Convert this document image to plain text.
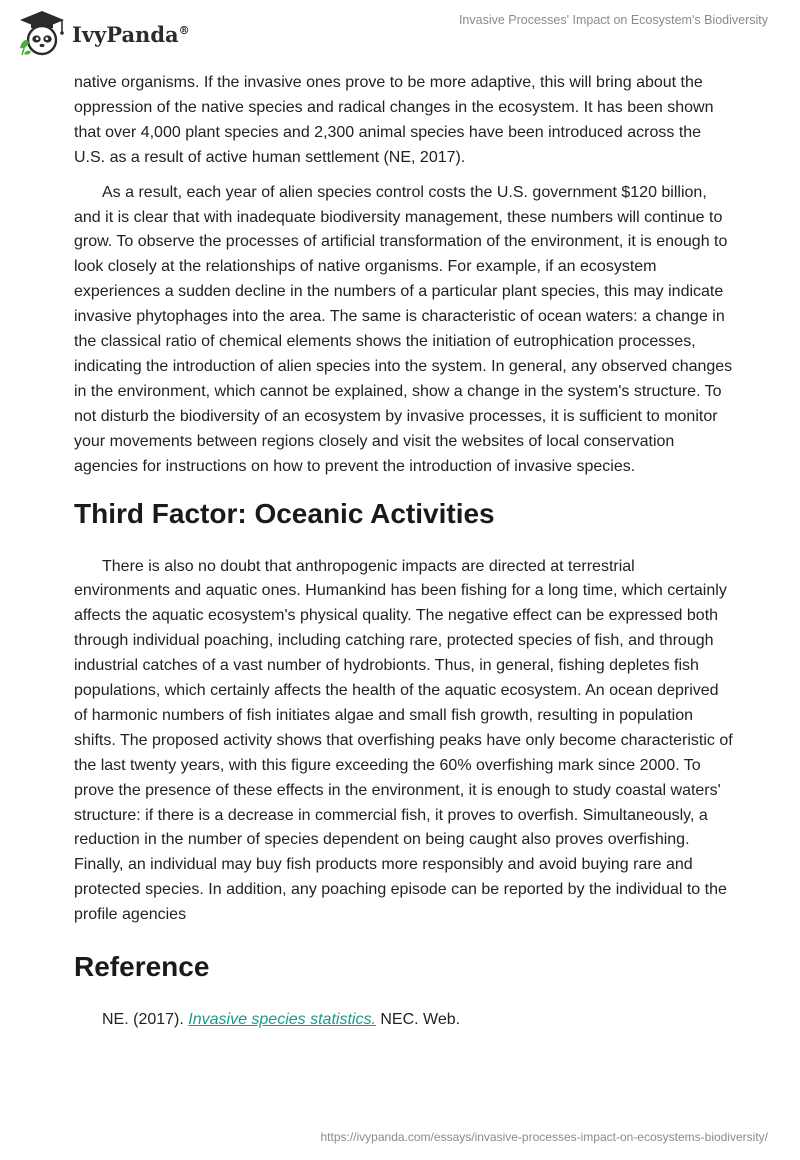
IvyPanda®
Invasive Processes' Impact on Ecosystem's Biodiversity

native organisms. If the invasive ones prove to be more adaptive, this will bring about the oppression of the native species and radical changes in the ecosystem. It has been shown that over 4,000 plant species and 2,300 animal species have been introduced across the U.S. as a result of active human settlement (NE, 2017).

As a result, each year of alien species control costs the U.S. government $120 billion, and it is clear that with inadequate biodiversity management, these numbers will continue to grow. To observe the processes of artificial transformation of the environment, it is enough to look closely at the relationships of native organisms. For example, if an ecosystem experiences a sudden decline in the numbers of a particular plant species, this may indicate invasive phytophages into the area. The same is characteristic of ocean waters: a change in the classical ratio of chemical elements shows the initiation of eutrophication processes, indicating the introduction of alien species into the system. In general, any observed changes in the environment, which cannot be explained, show a change in the system's structure. To not disturb the biodiversity of an ecosystem by invasive processes, it is sufficient to monitor your movements between regions closely and visit the websites of local conservation agencies for instructions on how to prevent the introduction of invasive species.

Third Factor: Oceanic Activities

There is also no doubt that anthropogenic impacts are directed at terrestrial environments and aquatic ones. Humankind has been fishing for a long time, which certainly affects the aquatic ecosystem's physical quality. The negative effect can be expressed both through individual poaching, including catching rare, protected species of fish, and through industrial catches of a vast number of hydrobionts. Thus, in general, fishing depletes fish populations, which certainly affects the health of the aquatic ecosystem. An ocean deprived of harmonic numbers of fish initiates algae and small fish growth, resulting in population shifts. The proposed activity shows that overfishing peaks have only become characteristic of the last twenty years, with this figure exceeding the 60% overfishing mark since 2000. To prove the presence of these effects in the environment, it is enough to study coastal waters' structure: if there is a decrease in commercial fish, it proves to overfish. Simultaneously, a reduction in the number of species dependent on being caught also proves overfishing. Finally, an individual may buy fish products more responsibly and avoid buying rare and protected species. In addition, any poaching episode can be reported by the individual to the profile agencies

Reference

NE. (2017). Invasive species statistics. NEC. Web.

https://ivypanda.com/essays/invasive-processes-impact-on-ecosystems-biodiversity/
